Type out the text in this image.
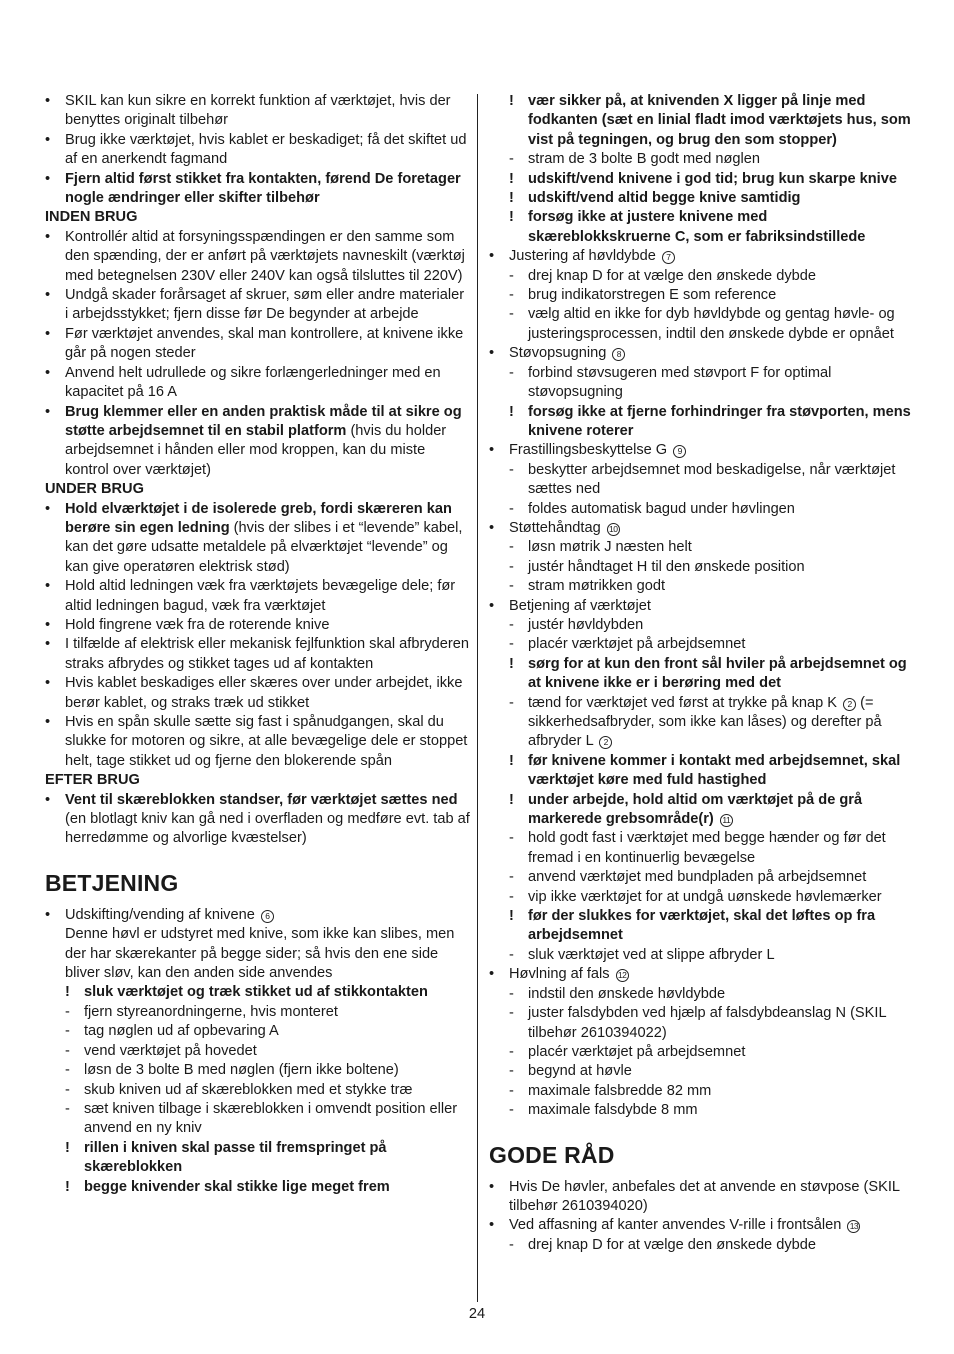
•	SKIL kan kun sikre en korrekt funktion af værktøjet, hvis der benyttes originalt tilbehør

•	Brug ikke værktøjet, hvis kablet er beskadiget; få det skiftet ud af en anerkendt fagmand

•	Fjern altid først stikket fra kontakten, førend De foretager nogle ændringer eller skifter tilbehør

INDEN BRUG

•	Kontrollér altid at forsyningsspændingen er den samme som den spænding, der er anført på værktøjets navneskilt (værktøj med betegnelsen 230V eller 240V kan også tilsluttes til 220V)

•	Undgå skader forårsaget af skruer, søm eller andre materialer i arbejdsstykket; fjern disse før De begynder at arbejde

•	Før værktøjet anvendes, skal man kontrollere, at knivene ikke går på nogen steder

•	Anvend helt udrullede og sikre forlængerledninger med en kapacitet på 16 A

•	Brug klemmer eller en anden praktisk måde til at sikre og støtte arbejdsemnet til en stabil platform (hvis du holder arbejdsemnet i hånden eller mod kroppen, kan du miste kontrol over værktøjet)

UNDER BRUG

•	Hold elværktøjet i de isolerede greb, fordi skæreren kan berøre sin egen ledning (hvis der slibes i et “levende” kabel, kan det gøre udsatte metaldele på elværktøjet “levende” og kan give operatøren elektrisk stød)

•	Hold altid ledningen væk fra værktøjets bevægelige dele; før altid ledningen bagud, væk fra værktøjet

•	Hold fingrene væk fra de roterende knive

•	I tilfælde af elektrisk eller mekanisk fejlfunktion skal afbryderen straks afbrydes og stikket tages ud af kontakten

•	Hvis kablet beskadiges eller skæres over under arbejdet, ikke berør kablet, og straks træk ud stikket

•	Hvis en spån skulle sætte sig fast i spånudgangen, skal du slukke for motoren og sikre, at alle bevægelige dele er stoppet helt, tage stikket ud og fjerne den blokerende spån

EFTER BRUG

•	Vent til skæreblokken standser, før værktøjet sættes ned (en blotlagt kniv kan gå ned i overfladen og medføre evt. tab af herredømme og alvorlige kvæstelser)

BETJENING

•	Udskifting/vending af knivene 6
Denne høvl er udstyret med knive, som ikke kan slibes, men der har skærekanter på begge sider; så hvis den ene side bliver sløv, kan den anden side anvendes

! sluk værktøjet og træk stikket ud af stikkontakten

- fjern styreanordningerne, hvis monteret

- tag nøglen ud af opbevaring A

- vend værktøjet på hovedet

- løsn de 3 bolte B med nøglen (fjern ikke boltene)

- skub kniven ud af skæreblokken med et stykke træ

- sæt kniven tilbage i skæreblokken i omvendt position eller anvend en ny kniv

! rillen i kniven skal passe til fremspringet på skæreblokken

! begge knivender skal stikke lige meget frem

! vær sikker på, at knivenden X ligger på linje med fodkanten (sæt en linial fladt imod værktøjets hus, som vist på tegningen, og brug den som stopper)

- stram de 3 bolte B godt med nøglen

! udskift/vend knivene i god tid; brug kun skarpe knive

! udskift/vend altid begge knive samtidig

! forsøg ikke at justere knivene med skæreblokkskruerne C, som er fabriksindstillede

•	Justering af høvldybde 7

- drej knap D for at vælge den ønskede dybde

- brug indikatorstregen E som reference

- vælg altid en ikke for dyb høvldybde og gentag høvle- og justeringsprocessen, indtil den ønskede dybde er opnået

•	Støvopsugning 8

- forbind støvsugeren med støvport F for optimal støvopsugning

! forsøg ikke at fjerne forhindringer fra støvporten, mens knivene roterer

•	Frastillingsbeskyttelse G 9

- beskytter arbejdsemnet mod beskadigelse, når værktøjet sættes ned

- foldes automatisk bagud under høvlingen

•	Støttehåndtag 10

- løsn møtrik J næsten helt

- justér håndtaget H til den ønskede position

- stram møtrikken godt

•	Betjening af værktøjet

- justér høvldybden

- placér værktøjet på arbejdsemnet

! sørg for at kun den front sål hviler på arbejdsemnet og at knivene ikke er i berøring med det

- tænd for værktøjet ved først at trykke på knap K 2 (= sikkerhedsafbryder, som ikke kan låses) og derefter på afbryder L 2

! før knivene kommer i kontakt med arbejdsemnet, skal værktøjet køre med fuld hastighed

! under arbejde, hold altid om værktøjet på de grå markerede grebsområde(r) 11

- hold godt fast i værktøjet med begge hænder og før det fremad i en kontinuerlig bevægelse

- anvend værktøjet med bundpladen på arbejdsemnet

- vip ikke værktøjet for at undgå uønskede høvlemærker

! før der slukkes for værktøjet, skal det løftes op fra arbejdsemnet

- sluk værktøjet ved at slippe afbryder L

•	Høvlning af fals 12

- indstil den ønskede høvldybde

- juster falsdybden ved hjælp af falsdybdeanslag N (SKIL tilbehør 2610394022)

- placér værktøjet på arbejdsemnet

- begynd at høvle

- maximale falsbredde 82 mm

- maximale falsdybde 8 mm

GODE RÅD

•	Hvis De høvler, anbefales det at anvende en støvpose (SKIL tilbehør 2610394020)

•	Ved affasning af kanter anvendes V-rille i frontsålen 13

- drej knap D for at vælge den ønskede dybde

24
